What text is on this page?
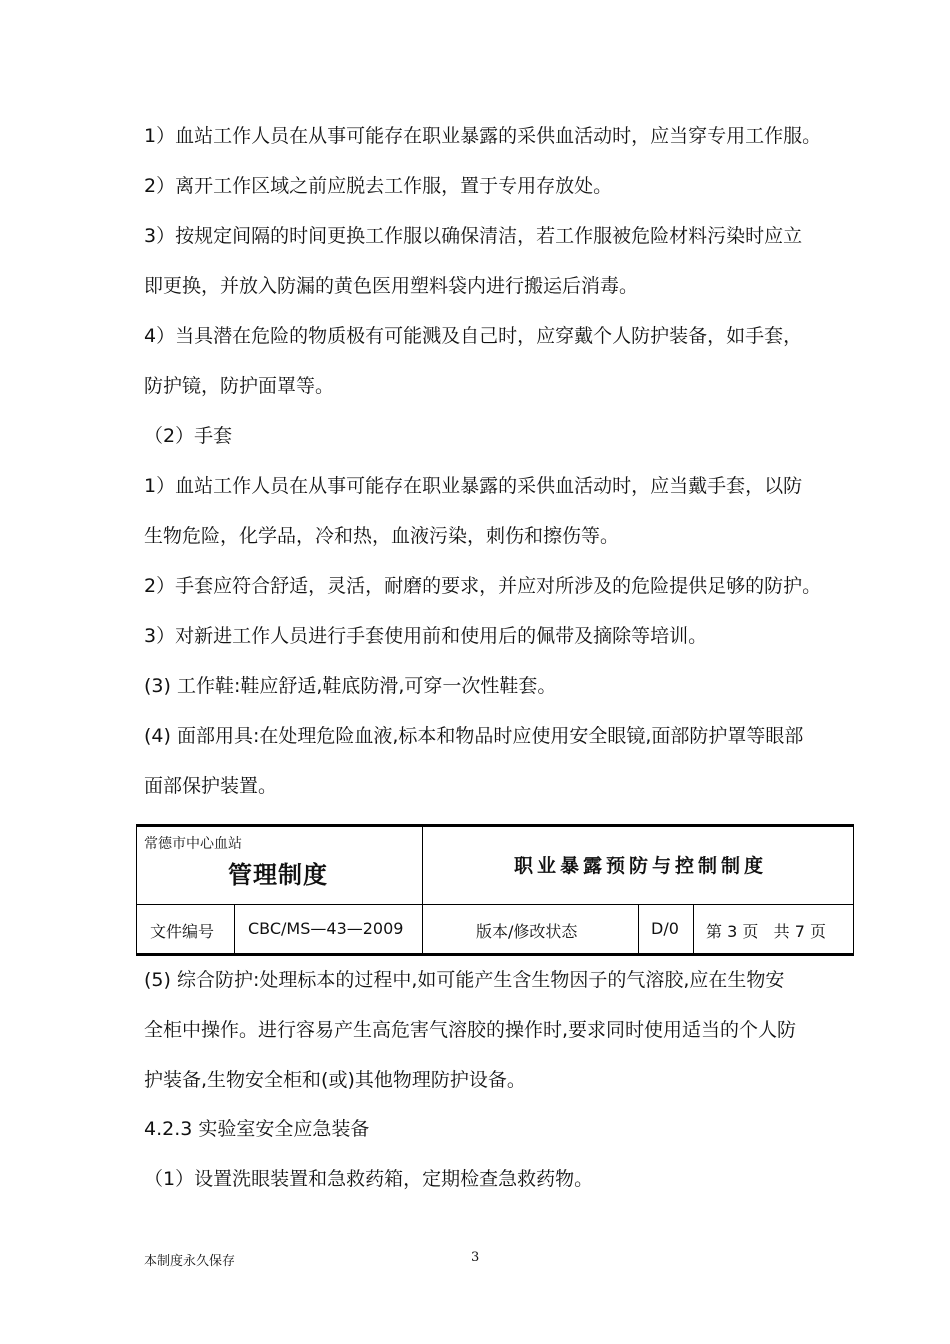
1）血站工作人员在从事可能存在职业暴露的采供血活动时，应当穿专用工作服。
2）离开工作区域之前应脱去工作服，置于专用存放处。
3）按规定间隔的时间更换工作服以确保清洁，若工作服被危险材料污染时应立
即更换，并放入防漏的黄色医用塑料袋内进行搬运后消毒。
4）当具潜在危险的物质极有可能溅及自己时，应穿戴个人防护装备，如手套，
防护镜，防护面罩等。
（2）手套
1）血站工作人员在从事可能存在职业暴露的采供血活动时，应当戴手套，以防
生物危险，化学品，冷和热，血液污染，刺伤和擦伤等。
2）手套应符合舒适，灵活，耐磨的要求，并应对所涉及的危险提供足够的防护。
3）对新进工作人员进行手套使用前和使用后的佩带及摘除等培训。
(3) 工作鞋:鞋应舒适,鞋底防滑,可穿一次性鞋套。
(4) 面部用具:在处理危险血液,标本和物品时应使用安全眼镜,面部防护罩等眼部
面部保护装置。
常德市中心血站
管理制度	职业暴露预防与控制制度
文件编号 CBC/MS—43—2009	版本/修改状态	D/0 第 3 页   共 7 页
(5) 综合防护:处理标本的过程中,如可能产生含生物因子的气溶胶,应在生物安
全柜中操作。进行容易产生高危害气溶胶的操作时,要求同时使用适当的个人防
护装备,生物安全柜和(或)其他物理防护设备。
4.2.3 实验室安全应急装备
（1）设置洗眼装置和急救药箱，定期检查急救药物。
本制度永久保存	3
